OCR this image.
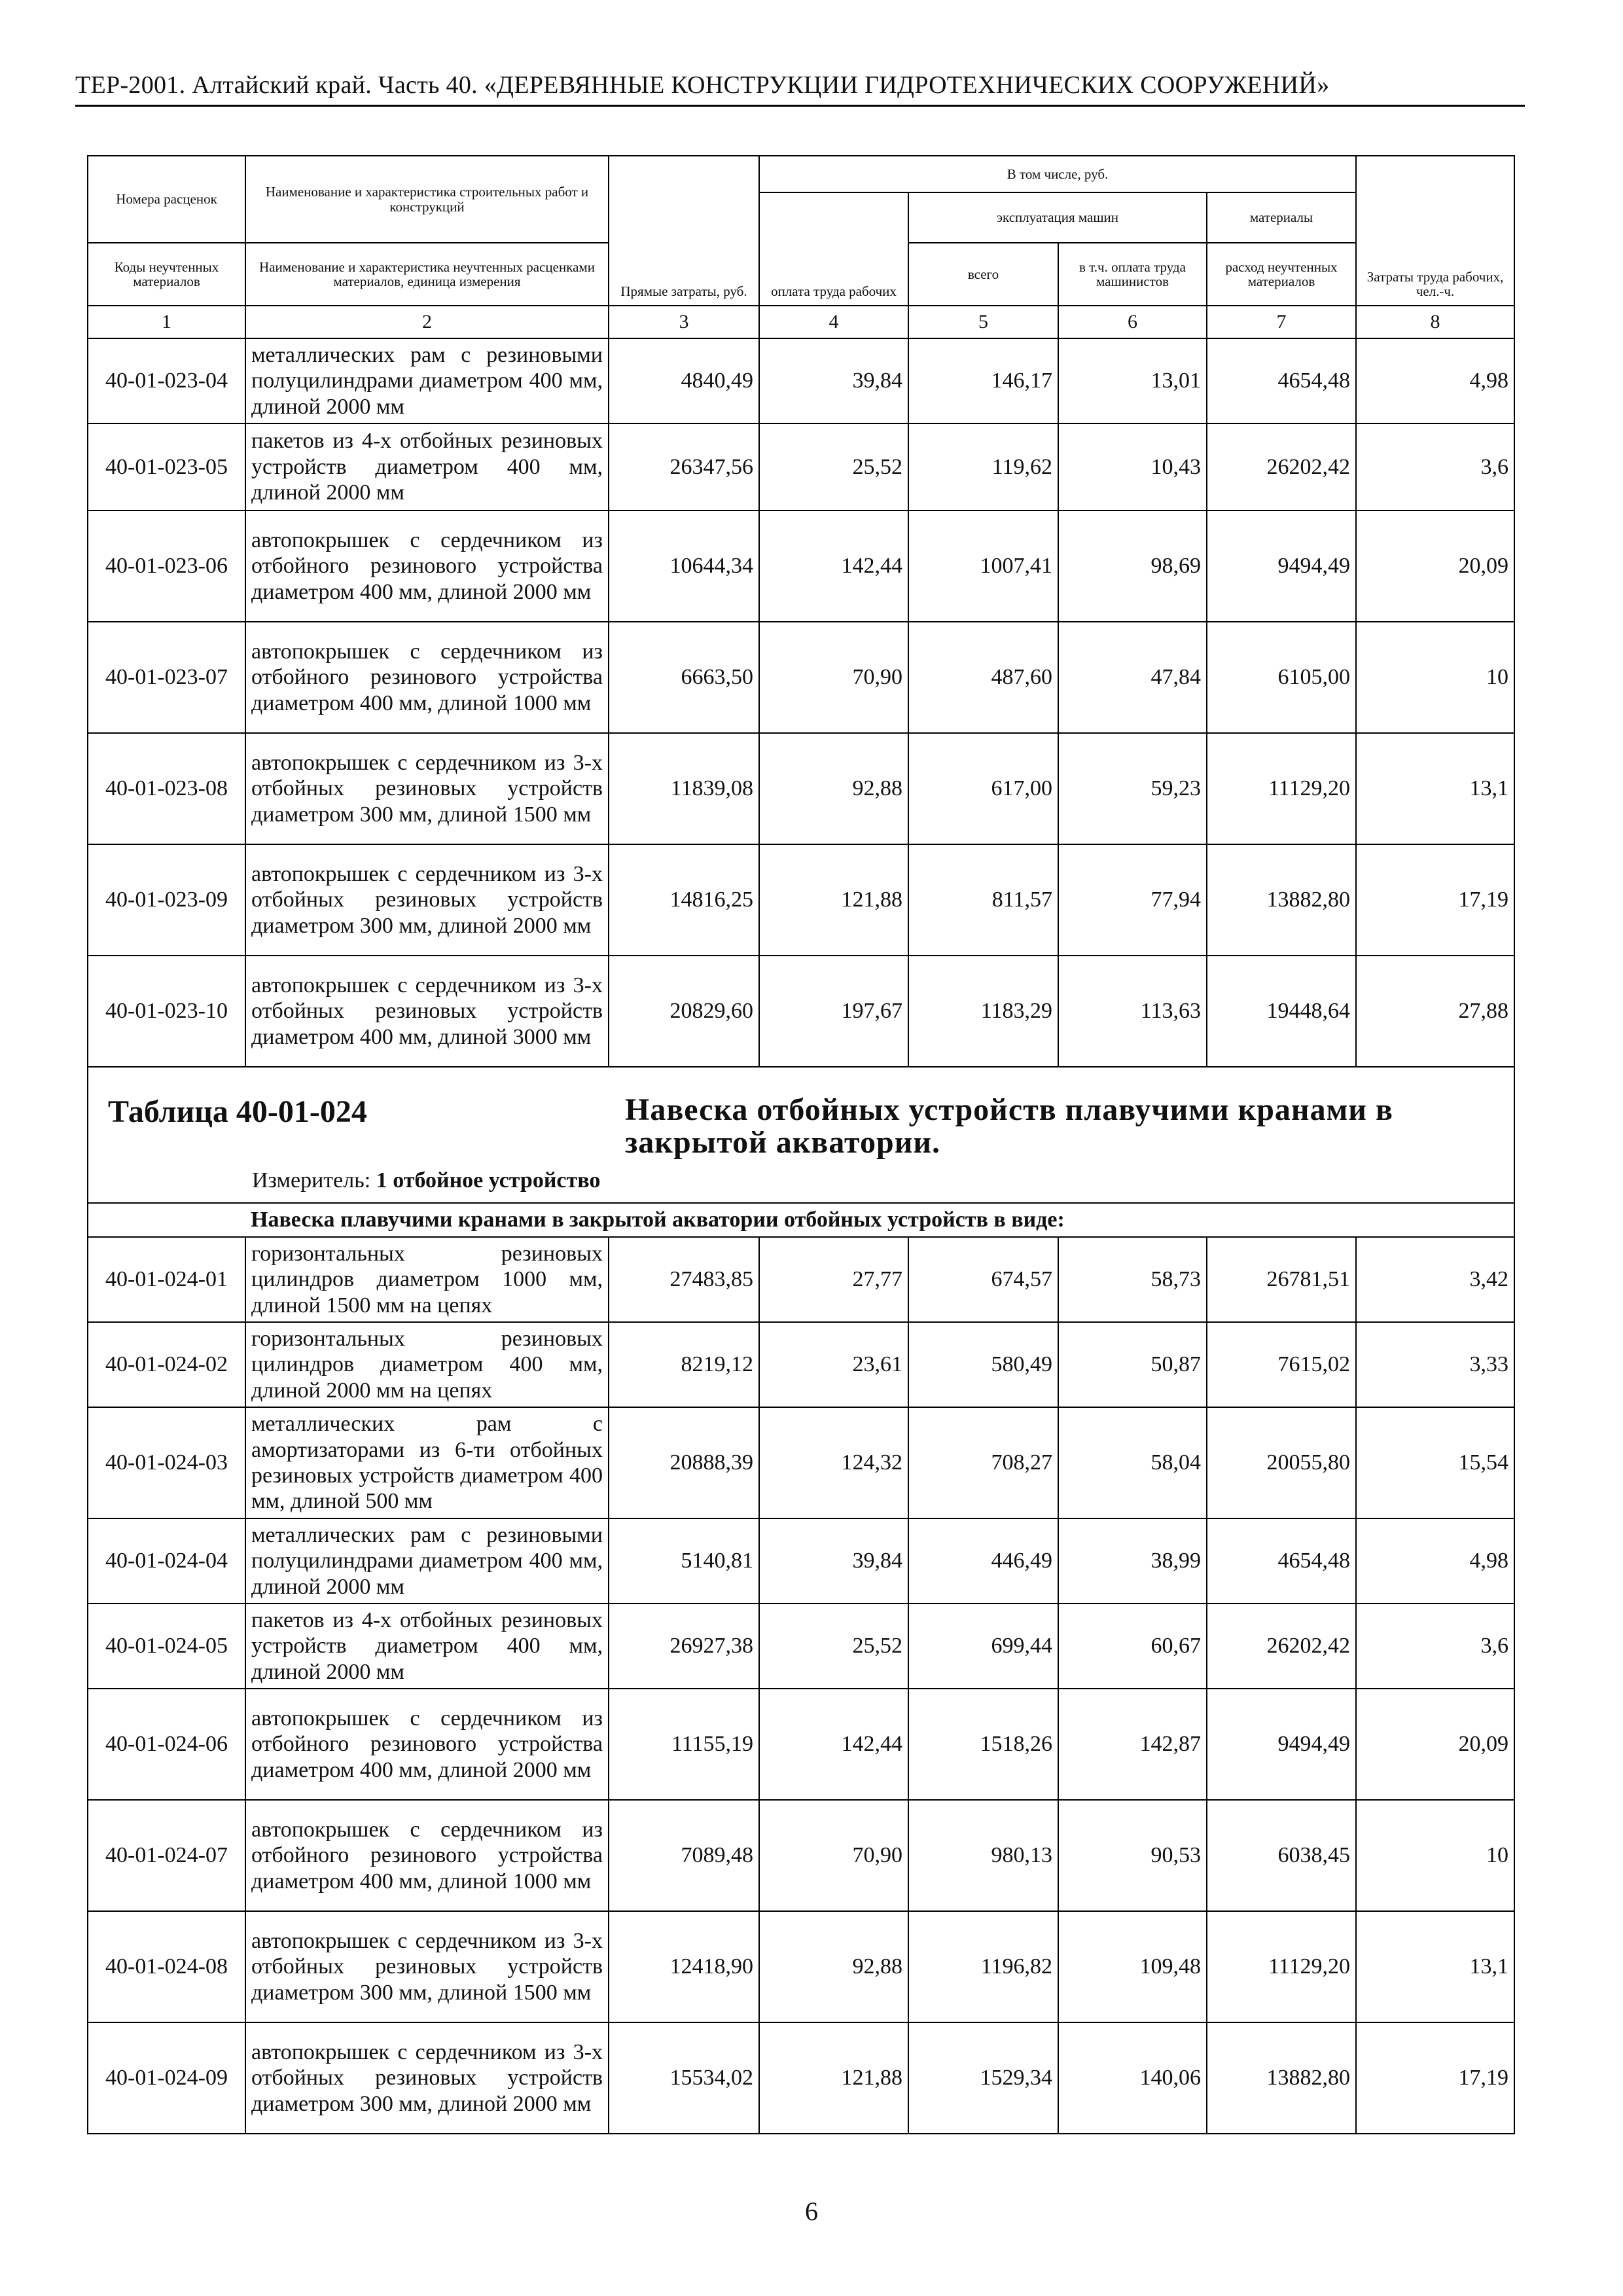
ТЕР-2001. Алтайский край. Часть 40. «ДЕРЕВЯННЫЕ КОНСТРУКЦИИ ГИДРОТЕХНИЧЕСКИХ СООРУЖЕНИЙ»
Номера расценок	Наименование и характеристика строительных работ и конструкций	Прямые затраты, руб.	В том числе, руб.				Затраты труда рабочих, чел.-ч.
			оплата труда рабочих	эксплуатация машин		материалы	
Коды неучтенных материалов	Наименование и характеристика неучтенных расценками материалов, единица измерения			всего	в т.ч. оплата труда машинистов	расход неучтенных материалов	
1	2	3	4	5	6	7	8
40-01-023-04	металлических рам с резиновыми полуцилиндрами диаметром 400 мм, длиной 2000 мм	4840,49	39,84	146,17	13,01	4654,48	4,98
40-01-023-05	пакетов из 4-х отбойных резиновых устройств диаметром 400 мм, длиной 2000 мм	26347,56	25,52	119,62	10,43	26202,42	3,6
40-01-023-06	автопокрышек с сердечником из отбойного резинового устройства диаметром 400 мм, длиной 2000 мм	10644,34	142,44	1007,41	98,69	9494,49	20,09
40-01-023-07	автопокрышек с сердечником из отбойного резинового устройства диаметром 400 мм, длиной 1000 мм	6663,50	70,90	487,60	47,84	6105,00	10
40-01-023-08	автопокрышек с сердечником из 3-х отбойных резиновых устройств диаметром 300 мм, длиной 1500 мм	11839,08	92,88	617,00	59,23	11129,20	13,1
40-01-023-09	автопокрышек с сердечником из 3-х отбойных резиновых устройств диаметром 300 мм, длиной 2000 мм	14816,25	121,88	811,57	77,94	13882,80	17,19
40-01-023-10	автопокрышек с сердечником из 3-х отбойных резиновых устройств диаметром 400 мм, длиной 3000 мм	20829,60	197,67	1183,29	113,63	19448,64	27,88

Таблица 40-01-024 Навеска отбойных устройств плавучими кранами в закрытой акватории.
Измеритель: 1 отбойное устройство							

Навеска плавучими кранами в закрытой акватории отбойных устройств в виде:							
40-01-024-01	горизонтальных резиновых цилиндров диаметром 1000 мм, длиной 1500 мм на цепях	27483,85	27,77	674,57	58,73	26781,51	3,42
40-01-024-02	горизонтальных резиновых цилиндров диаметром 400 мм, длиной 2000 мм на цепях	8219,12	23,61	580,49	50,87	7615,02	3,33
40-01-024-03	металлических рам с амортизаторами из 6-ти отбойных резиновых устройств диаметром 400 мм, длиной 500 мм	20888,39	124,32	708,27	58,04	20055,80	15,54
40-01-024-04	металлических рам с резиновыми полуцилиндрами диаметром 400 мм, длиной 2000 мм	5140,81	39,84	446,49	38,99	4654,48	4,98
40-01-024-05	пакетов из 4-х отбойных резиновых устройств диаметром 400 мм, длиной 2000 мм	26927,38	25,52	699,44	60,67	26202,42	3,6
40-01-024-06	автопокрышек с сердечником из отбойного резинового устройства диаметром 400 мм, длиной 2000 мм	11155,19	142,44	1518,26	142,87	9494,49	20,09
40-01-024-07	автопокрышек с сердечником из отбойного резинового устройства диаметром 400 мм, длиной 1000 мм	7089,48	70,90	980,13	90,53	6038,45	10
40-01-024-08	автопокрышек с сердечником из 3-х отбойных резиновых устройств диаметром 300 мм, длиной 1500 мм	12418,90	92,88	1196,82	109,48	11129,20	13,1
40-01-024-09	автопокрышек с сердечником из 3-х отбойных резиновых устройств диаметром 300 мм, длиной 2000 мм	15534,02	121,88	1529,34	140,06	13882,80	17,19
6
